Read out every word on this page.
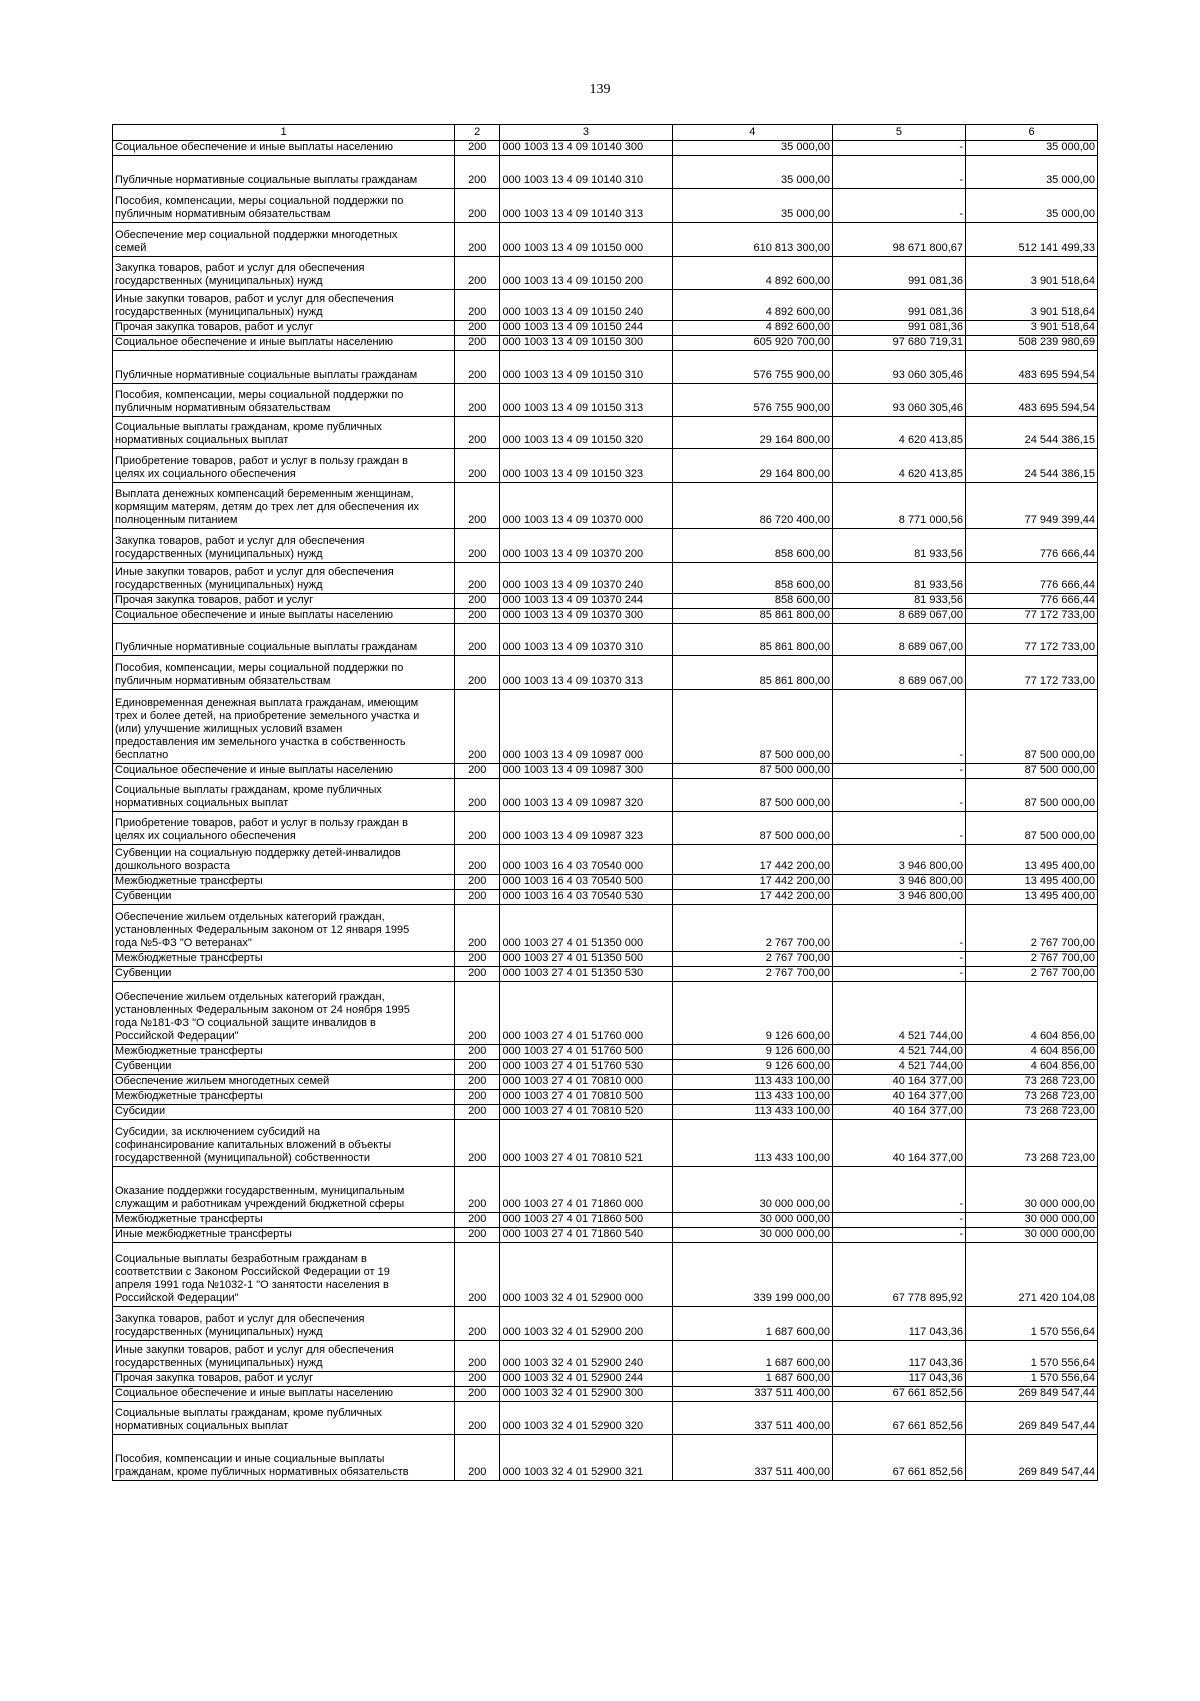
139
1	2	3	4	5	6
Социальное обеспечение и иные выплаты населению	200	000 1003 13 4 09 10140 300	35 000,00	-	35 000,00
Публичные нормативные социальные выплаты гражданам	200	000 1003 13 4 09 10140 310	35 000,00	-	35 000,00
Пособия, компенсации, меры социальной поддержки по
публичным нормативным обязательствам	200	000 1003 13 4 09 10140 313	35 000,00	-	35 000,00
Обеспечение мер социальной поддержки многодетных
семей	200	000 1003 13 4 09 10150 000	610 813 300,00	98 671 800,67	512 141 499,33
Закупка товаров, работ и услуг для обеспечения
государственных (муниципальных) нужд	200	000 1003 13 4 09 10150 200	4 892 600,00	991 081,36	3 901 518,64
Иные закупки товаров, работ и услуг для обеспечения
государственных (муниципальных) нужд	200	000 1003 13 4 09 10150 240	4 892 600,00	991 081,36	3 901 518,64
Прочая закупка товаров, работ и услуг	200	000 1003 13 4 09 10150 244	4 892 600,00	991 081,36	3 901 518,64
Социальное обеспечение и иные выплаты населению	200	000 1003 13 4 09 10150 300	605 920 700,00	97 680 719,31	508 239 980,69
Публичные нормативные социальные выплаты гражданам	200	000 1003 13 4 09 10150 310	576 755 900,00	93 060 305,46	483 695 594,54
Пособия, компенсации, меры социальной поддержки по
публичным нормативным обязательствам	200	000 1003 13 4 09 10150 313	576 755 900,00	93 060 305,46	483 695 594,54
Социальные выплаты гражданам, кроме публичных
нормативных социальных выплат	200	000 1003 13 4 09 10150 320	29 164 800,00	4 620 413,85	24 544 386,15
Приобретение товаров, работ и услуг в пользу граждан в
целях их социального обеспечения	200	000 1003 13 4 09 10150 323	29 164 800,00	4 620 413,85	24 544 386,15
Выплата денежных компенсаций беременным женщинам,
кормящим матерям, детям до трех лет для обеспечения их
полноценным питанием	200	000 1003 13 4 09 10370 000	86 720 400,00	8 771 000,56	77 949 399,44
Закупка товаров, работ и услуг для обеспечения
государственных (муниципальных) нужд	200	000 1003 13 4 09 10370 200	858 600,00	81 933,56	776 666,44
Иные закупки товаров, работ и услуг для обеспечения
государственных (муниципальных) нужд	200	000 1003 13 4 09 10370 240	858 600,00	81 933,56	776 666,44
Прочая закупка товаров, работ и услуг	200	000 1003 13 4 09 10370 244	858 600,00	81 933,56	776 666,44
Социальное обеспечение и иные выплаты населению	200	000 1003 13 4 09 10370 300	85 861 800,00	8 689 067,00	77 172 733,00
Публичные нормативные социальные выплаты гражданам	200	000 1003 13 4 09 10370 310	85 861 800,00	8 689 067,00	77 172 733,00
Пособия, компенсации, меры социальной поддержки по
публичным нормативным обязательствам	200	000 1003 13 4 09 10370 313	85 861 800,00	8 689 067,00	77 172 733,00
Единовременная денежная выплата гражданам, имеющим
трех и более детей, на приобретение земельного участка и
(или) улучшение жилищных условий взамен
предоставления им земельного участка в собственность
бесплатно	200	000 1003 13 4 09 10987 000	87 500 000,00	-	87 500 000,00
Социальное обеспечение и иные выплаты населению	200	000 1003 13 4 09 10987 300	87 500 000,00	-	87 500 000,00
Социальные выплаты гражданам, кроме публичных
нормативных социальных выплат	200	000 1003 13 4 09 10987 320	87 500 000,00	-	87 500 000,00
Приобретение товаров, работ и услуг в пользу граждан в
целях их социального обеспечения	200	000 1003 13 4 09 10987 323	87 500 000,00	-	87 500 000,00
Субвенции на социальную поддержку детей-инвалидов
дошкольного возраста	200	000 1003 16 4 03 70540 000	17 442 200,00	3 946 800,00	13 495 400,00
Межбюджетные трансферты	200	000 1003 16 4 03 70540 500	17 442 200,00	3 946 800,00	13 495 400,00
Субвенции	200	000 1003 16 4 03 70540 530	17 442 200,00	3 946 800,00	13 495 400,00
Обеспечение жильем отдельных категорий граждан,
установленных Федеральным законом от 12 января 1995
года №5-ФЗ "О ветеранах"	200	000 1003 27 4 01 51350 000	2 767 700,00	-	2 767 700,00
Межбюджетные трансферты	200	000 1003 27 4 01 51350 500	2 767 700,00	-	2 767 700,00
Субвенции	200	000 1003 27 4 01 51350 530	2 767 700,00	-	2 767 700,00
Обеспечение жильем отдельных категорий граждан,
установленных Федеральным законом от 24 ноября 1995
года №181-ФЗ "О социальной защите инвалидов в
Российской Федерации"	200	000 1003 27 4 01 51760 000	9 126 600,00	4 521 744,00	4 604 856,00
Межбюджетные трансферты	200	000 1003 27 4 01 51760 500	9 126 600,00	4 521 744,00	4 604 856,00
Субвенции	200	000 1003 27 4 01 51760 530	9 126 600,00	4 521 744,00	4 604 856,00
Обеспечение жильем многодетных семей	200	000 1003 27 4 01 70810 000	113 433 100,00	40 164 377,00	73 268 723,00
Межбюджетные трансферты	200	000 1003 27 4 01 70810 500	113 433 100,00	40 164 377,00	73 268 723,00
Субсидии	200	000 1003 27 4 01 70810 520	113 433 100,00	40 164 377,00	73 268 723,00
Субсидии, за исключением субсидий на
софинансирование капитальных вложений в объекты
государственной (муниципальной) собственности	200	000 1003 27 4 01 70810 521	113 433 100,00	40 164 377,00	73 268 723,00
Оказание поддержки государственным, муниципальным
служащим и работникам учреждений бюджетной сферы	200	000 1003 27 4 01 71860 000	30 000 000,00	-	30 000 000,00
Межбюджетные трансферты	200	000 1003 27 4 01 71860 500	30 000 000,00	-	30 000 000,00
Иные межбюджетные трансферты	200	000 1003 27 4 01 71860 540	30 000 000,00	-	30 000 000,00
Социальные выплаты безработным гражданам в
соответствии с Законом Российской Федерации от 19
апреля 1991 года №1032-1 "О занятости населения в
Российской Федерации"	200	000 1003 32 4 01 52900 000	339 199 000,00	67 778 895,92	271 420 104,08
Закупка товаров, работ и услуг для обеспечения
государственных (муниципальных) нужд	200	000 1003 32 4 01 52900 200	1 687 600,00	117 043,36	1 570 556,64
Иные закупки товаров, работ и услуг для обеспечения
государственных (муниципальных) нужд	200	000 1003 32 4 01 52900 240	1 687 600,00	117 043,36	1 570 556,64
Прочая закупка товаров, работ и услуг	200	000 1003 32 4 01 52900 244	1 687 600,00	117 043,36	1 570 556,64
Социальное обеспечение и иные выплаты населению	200	000 1003 32 4 01 52900 300	337 511 400,00	67 661 852,56	269 849 547,44
Социальные выплаты гражданам, кроме публичных
нормативных социальных выплат	200	000 1003 32 4 01 52900 320	337 511 400,00	67 661 852,56	269 849 547,44
Пособия, компенсации и иные социальные выплаты
гражданам, кроме публичных нормативных обязательств	200	000 1003 32 4 01 52900 321	337 511 400,00	67 661 852,56	269 849 547,44
